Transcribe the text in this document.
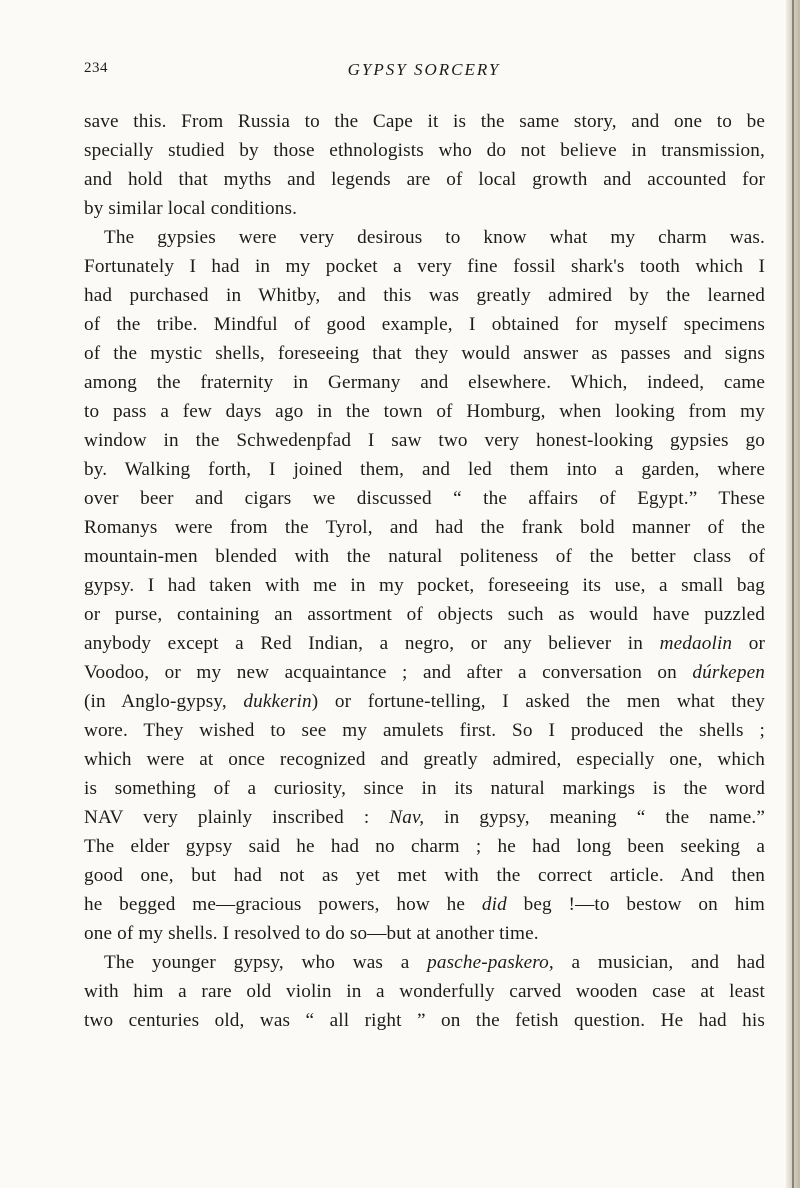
234	GYPSY SORCERY
save this. From Russia to the Cape it is the same story, and one to be
specially studied by those ethnologists who do not believe in transmission,
and hold that myths and legends are of local growth and accounted for
by similar local conditions.
The gypsies were very desirous to know what my charm was.
Fortunately I had in my pocket a very fine fossil shark's tooth which I
had purchased in Whitby, and this was greatly admired by the learned
of the tribe. Mindful of good example, I obtained for myself specimens
of the mystic shells, foreseeing that they would answer as passes and signs
among the fraternity in Germany and elsewhere. Which, indeed, came
to pass a few days ago in the town of Homburg, when looking from my
window in the Schwedenpfad I saw two very honest-looking gypsies go
by. Walking forth, I joined them, and led them into a garden, where
over beer and cigars we discussed “ the affairs of Egypt.” These
Romanys were from the Tyrol, and had the frank bold manner of the
mountain-men blended with the natural politeness of the better class of
gypsy. I had taken with me in my pocket, foreseeing its use, a small bag
or purse, containing an assortment of objects such as would have puzzled
anybody except a Red Indian, a negro, or any believer in medaolin or
Voodoo, or my new acquaintance ; and after a conversation on dúrkepen
(in Anglo-gypsy, dukkerin) or fortune-telling, I asked the men what they
wore. They wished to see my amulets first. So I produced the shells ;
which were at once recognized and greatly admired, especially one, which
is something of a curiosity, since in its natural markings is the word
NAV very plainly inscribed : Nav, in gypsy, meaning “ the name.”
The elder gypsy said he had no charm ; he had long been seeking a
good one, but had not as yet met with the correct article. And then
he begged me—gracious powers, how he did beg !—to bestow on him
one of my shells. I resolved to do so—but at another time.
The younger gypsy, who was a pasche-paskero, a musician, and had
with him a rare old violin in a wonderfully carved wooden case at least
two centuries old, was “ all right ” on the fetish question. He had his
